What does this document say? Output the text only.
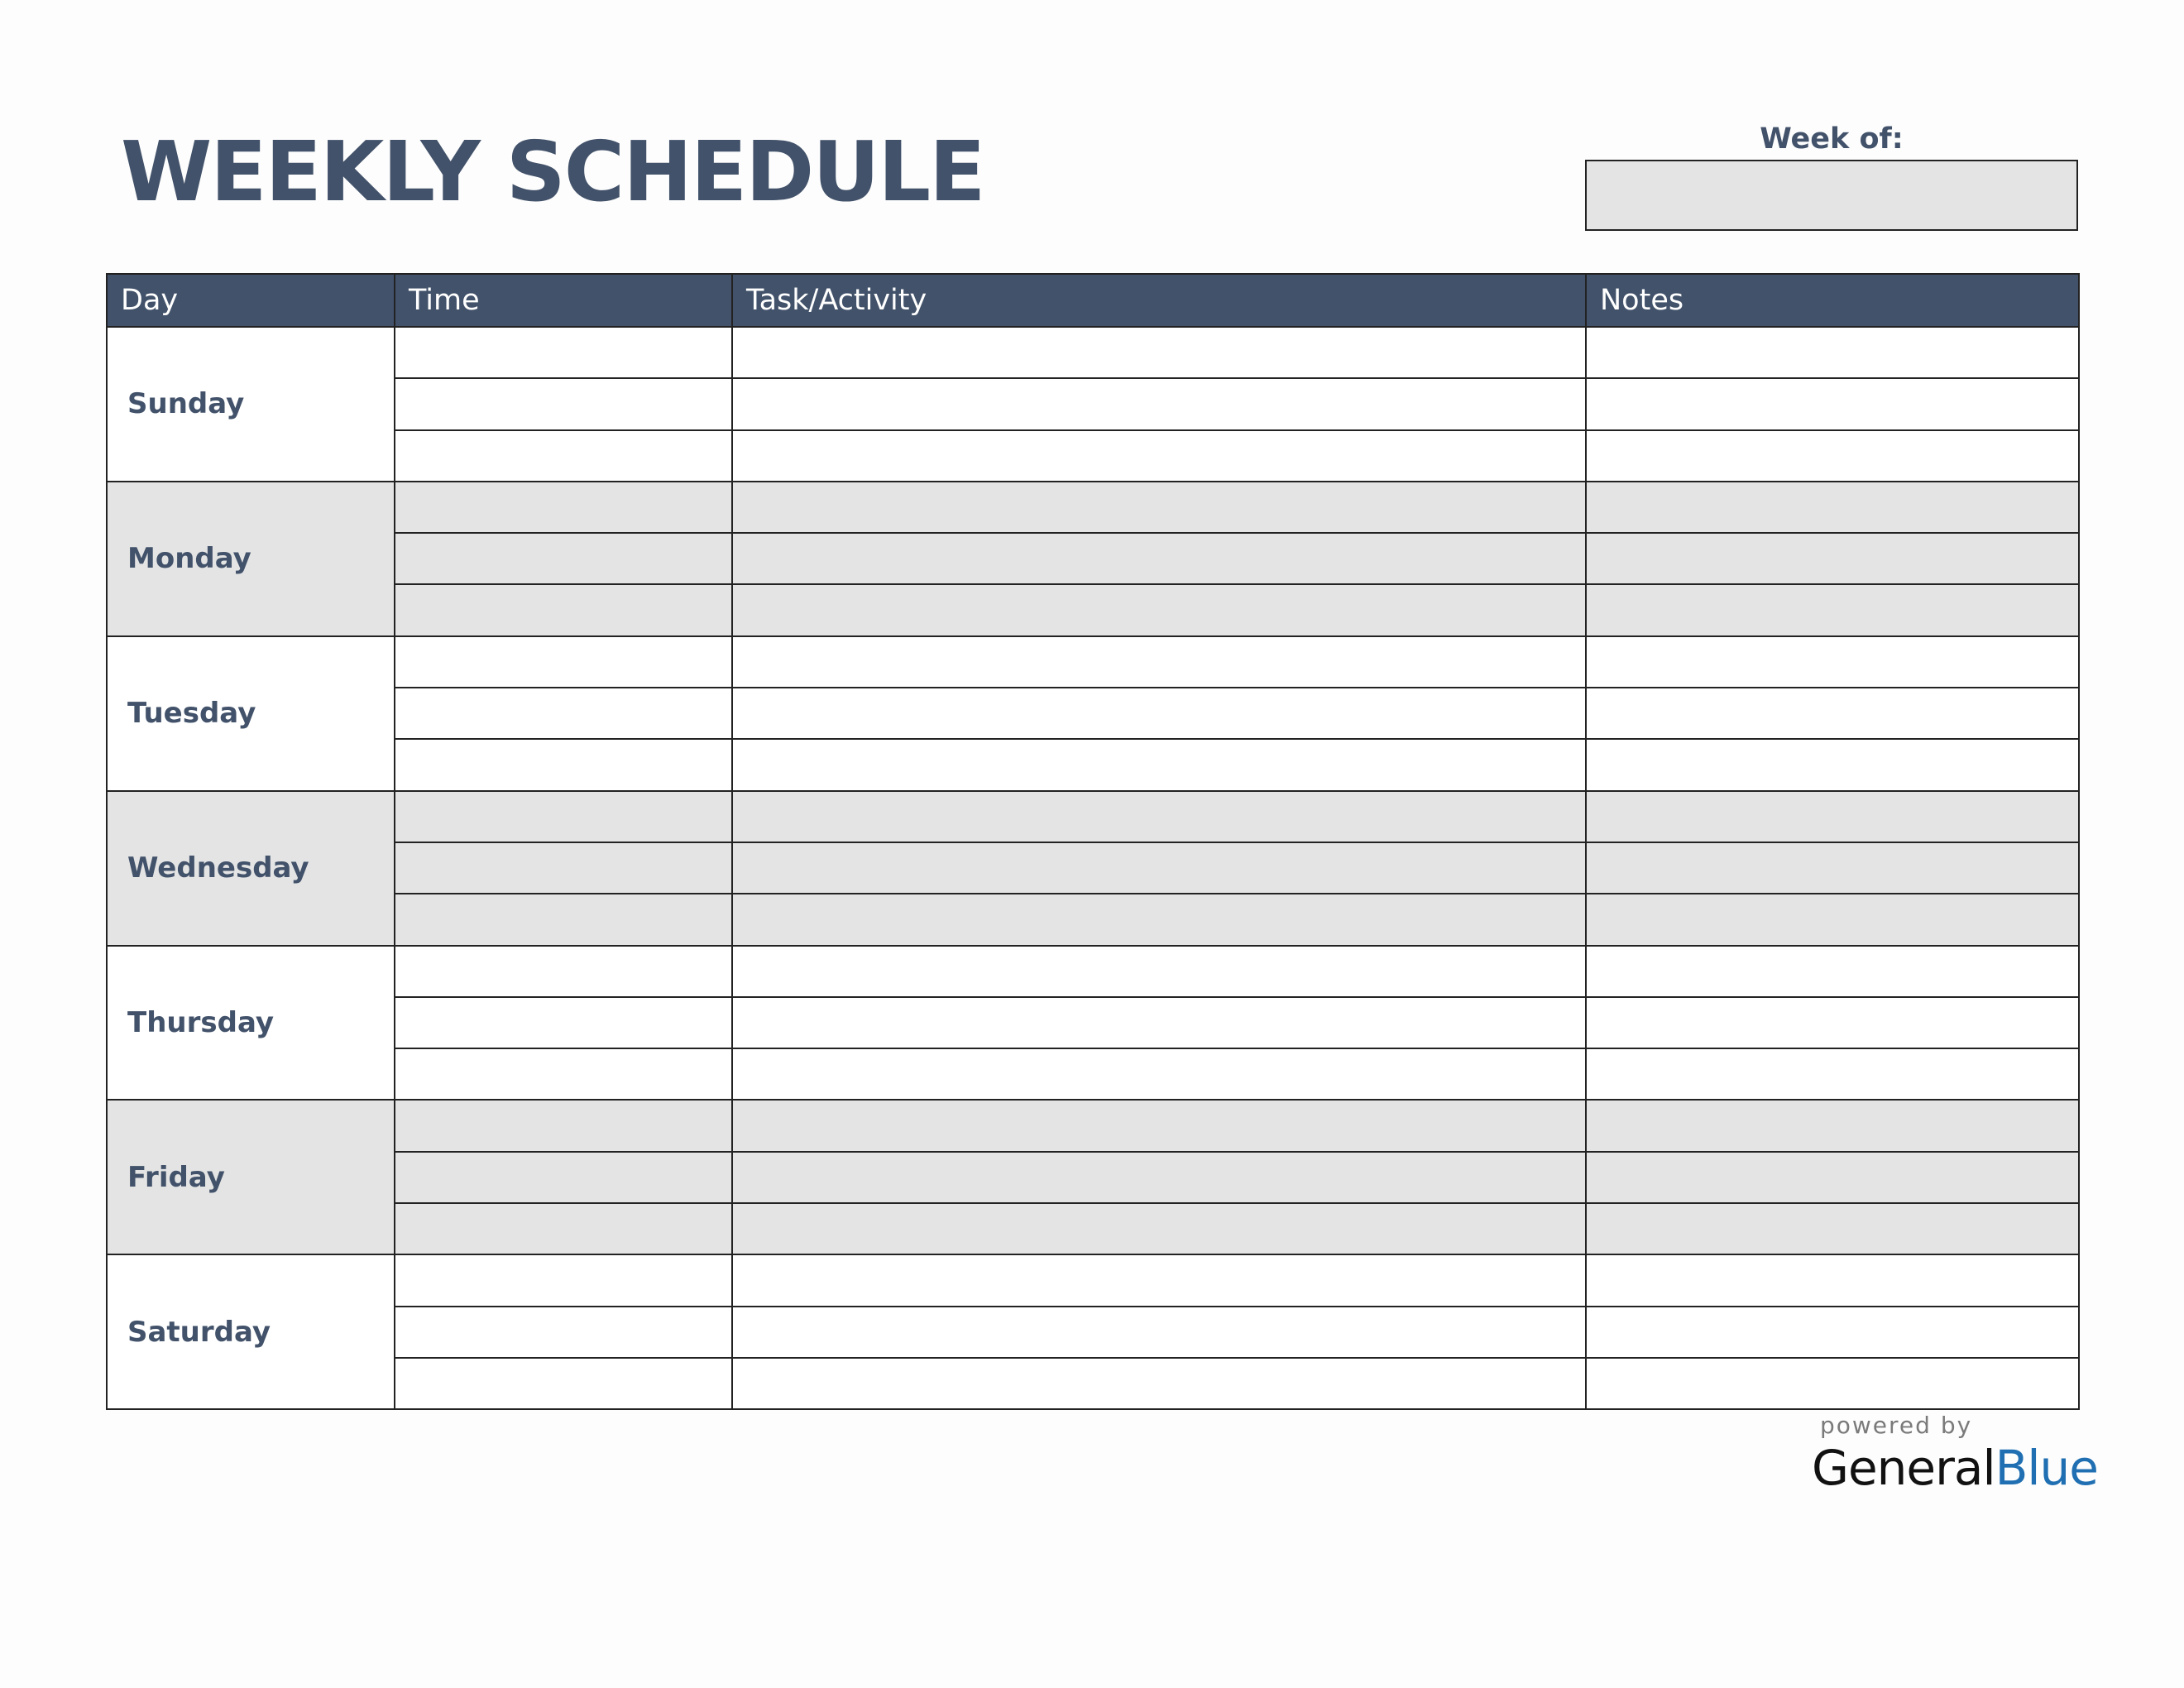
WEEKLY SCHEDULE	Week of:
Day	Time	Task/Activity	Notes
Sunday			

Monday			

Tuesday			

Wednesday			

Thursday			

Friday			

Saturday			

powered by
GeneralBlue
